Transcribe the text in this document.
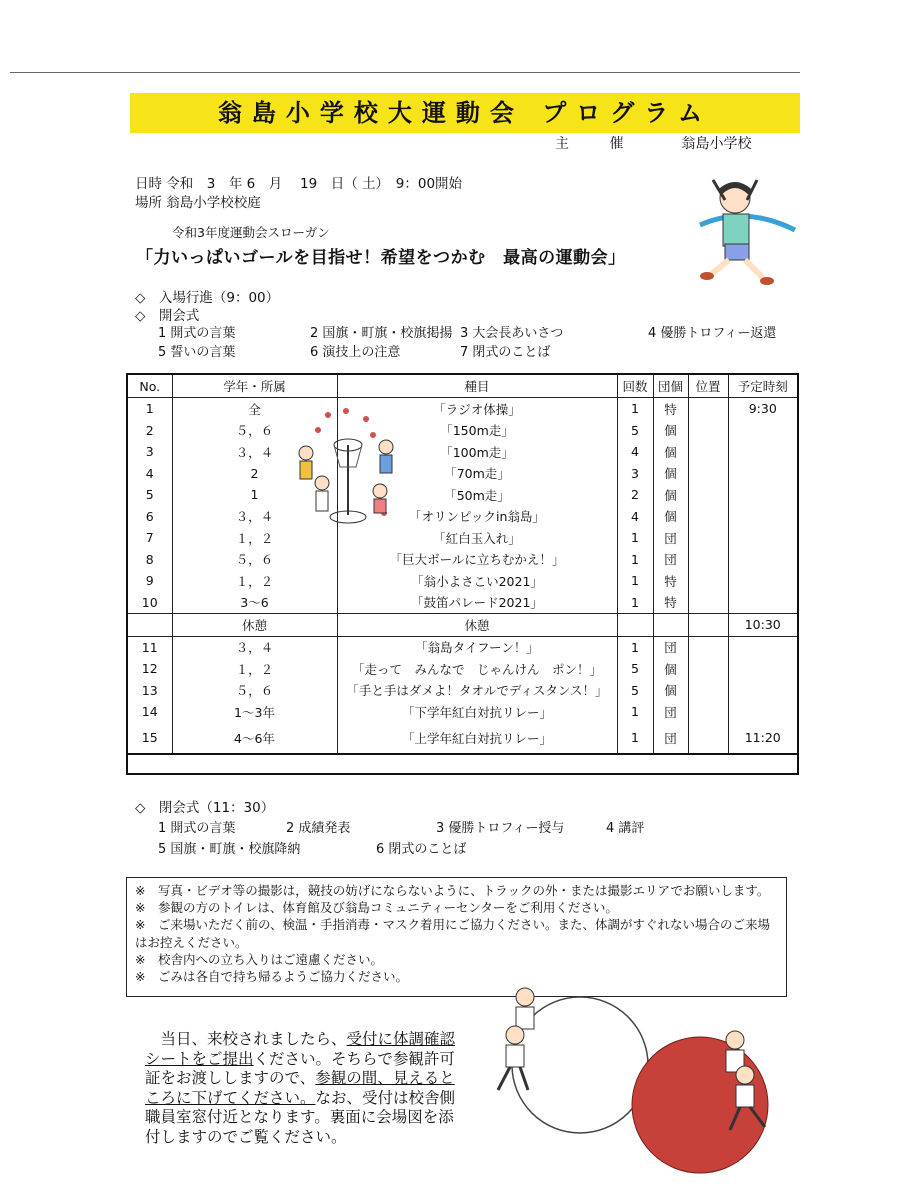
翁島小学校大運動会 プログラム
主 催	翁島小学校
日時 令和　3　年 6　月　 19　日（ 土）　9：00開始
場所 翁島小学校校庭
令和3年度運動会スローガン
「力いっぱいゴールを目指せ！希望をつかむ　最高の運動会」
◇　入場行進（9：00）
◇　開会式
1 開式の言葉	2 国旗・町旗・校旗掲揚 3 大会長あいさつ	4 優勝トロフィー返還
5 誓いの言葉	6 演技上の注意	7 閉式のことば
No.	学年・所属	種目	回数	団個	位置	予定時刻
1	全	「ラジオ体操」	1	特		9:30
2	５，６	「150m走」	5	個		
3	３，４	「100m走」	4	個		
4	2	「70m走」	3	個		
5	1	「50m走」	2	個		
6	３，４	「オリンピックin翁島」	4	個		
7	１，２	「紅白玉入れ」	1	団		
8	５，６	「巨大ボールに立ちむかえ！」	1	団		
9	１，２	「翁小よさこい2021」	1	特		
10	3～6	「鼓笛パレード2021」	1	特		
	休憩	休憩				10:30
11	３，４	「翁島タイフーン！」	1	団		
12	１，２	「走って　みんなで　じゃんけん　ポン！」	5	個		
13	５，６	「手と手はダメよ！タオルでディスタンス！」	5	個		
14	1～3年	「下学年紅白対抗リレー」	1	団		
15	4～6年	「上学年紅白対抗リレー」	1	団		11:20

◇　閉会式（11：30）
1 開式の言葉	2 成績発表	3 優勝トロフィー授与	4 講評
5 国旗・町旗・校旗降納	6 閉式のことば
※　写真・ビデオ等の撮影は，競技の妨げにならないように、トラックの外・または撮影エリアでお願いします。
※　参観の方のトイレは、体育館及び翁島コミュニティーセンターをご利用ください。
※　ご来場いただく前の、検温・手指消毒・マスク着用にご協力ください。また、体調がすぐれない場合のご来場はお控えください。
※　校舎内への立ち入りはご遠慮ください。
※　ごみは各自で持ち帰るようご協力ください。
　当日、来校されましたら、受付に体調確認シートをご提出ください。そちらで参観許可証をお渡ししますので、参観の間、見えるところに下げてください。なお、受付は校舎側職員室窓付近となります。裏面に会場図を添付しますのでご覧ください。
